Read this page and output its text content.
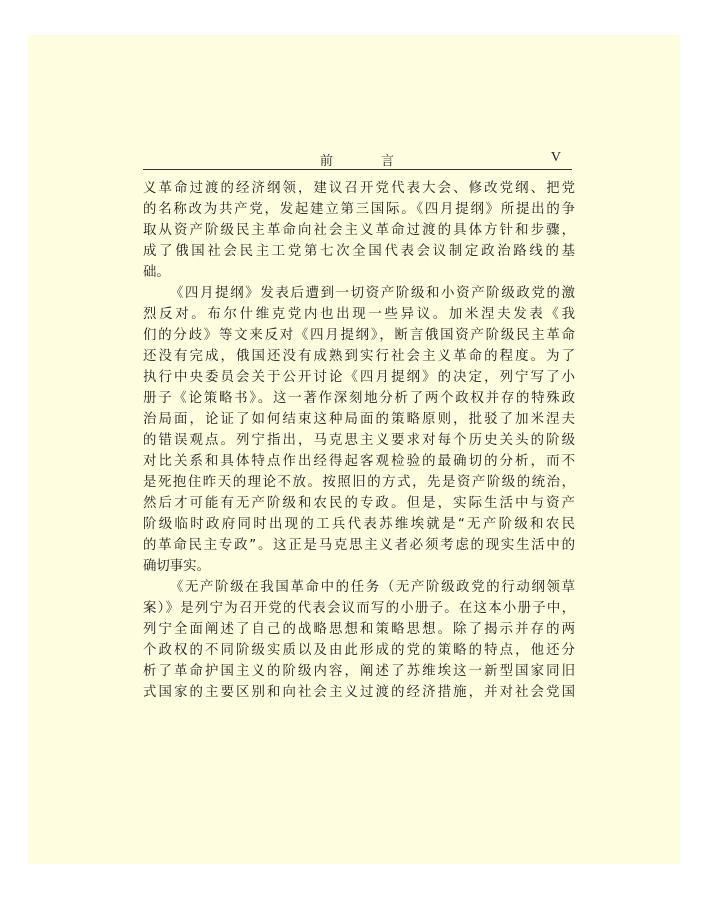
前 言	V
义革命过渡的经济纲领，建议召开党代表大会、修改党纲、把党
的名称改为共产党，发起建立第三国际。《四月提纲》所提出的争
取从资产阶级民主革命向社会主义革命过渡的具体方针和步骤，
成了俄国社会民主工党第七次全国代表会议制定政治路线的基
础。
《四月提纲》发表后遭到一切资产阶级和小资产阶级政党的激
烈反对。布尔什维克党内也出现一些异议。加米涅夫发表《我
们的分歧》等文来反对《四月提纲》，断言俄国资产阶级民主革命
还没有完成，俄国还没有成熟到实行社会主义革命的程度。为了
执行中央委员会关于公开讨论《四月提纲》的决定，列宁写了小
册子《论策略书》。这一著作深刻地分析了两个政权并存的特殊政
治局面，论证了如何结束这种局面的策略原则，批驳了加米涅夫
的错误观点。列宁指出，马克思主义要求对每个历史关头的阶级
对比关系和具体特点作出经得起客观检验的最确切的分析，而不
是死抱住昨天的理论不放。按照旧的方式，先是资产阶级的统治，
然后才可能有无产阶级和农民的专政。但是，实际生活中与资产
阶级临时政府同时出现的工兵代表苏维埃就是“无产阶级和农民
的革命民主专政”。这正是马克思主义者必须考虑的现实生活中的
确切事实。
《无产阶级在我国革命中的任务（无产阶级政党的行动纲领草
案）》是列宁为召开党的代表会议而写的小册子。在这本小册子中，
列宁全面阐述了自己的战略思想和策略思想。除了揭示并存的两
个政权的不同阶级实质以及由此形成的党的策略的特点，他还分
析了革命护国主义的阶级内容，阐述了苏维埃这一新型国家同旧
式国家的主要区别和向社会主义过渡的经济措施，并对社会党国
